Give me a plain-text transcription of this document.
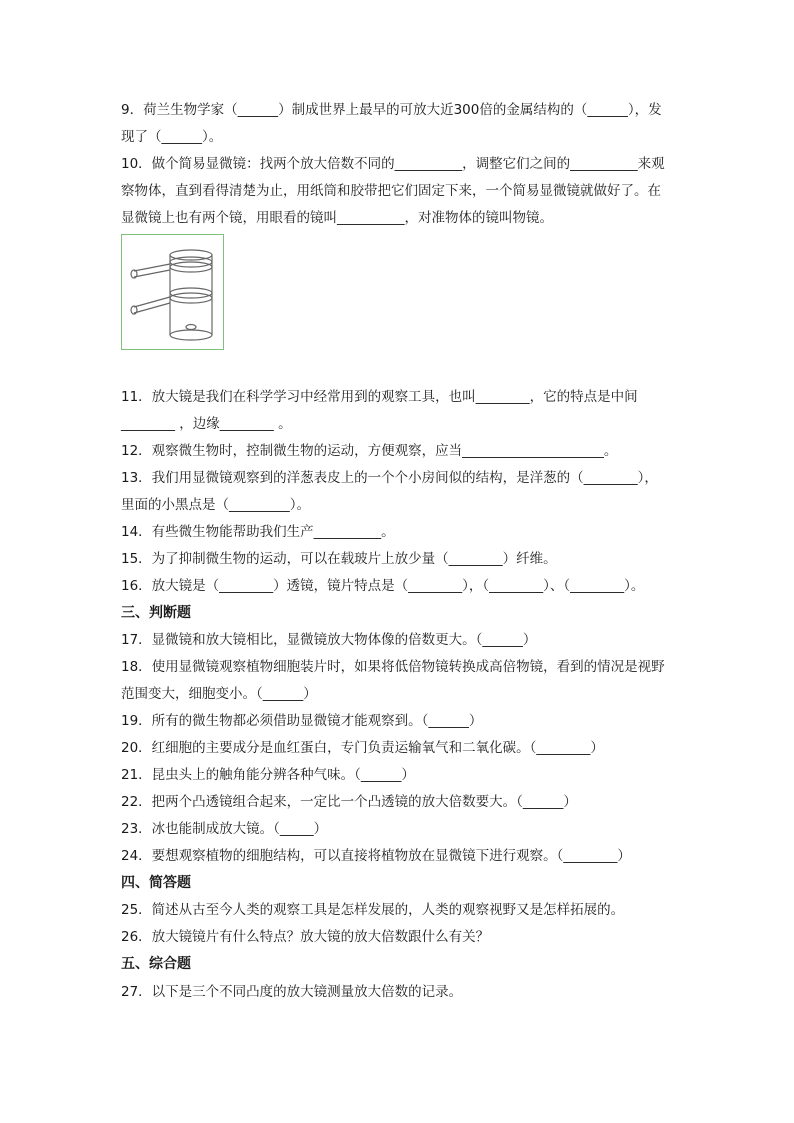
9．荷兰生物学家（______）制成世界上最早的可放大近300倍的金属结构的（______），发
现了（______）。
10．做个简易显微镜：找两个放大倍数不同的__________，调整它们之间的__________来观
察物体，直到看得清楚为止，用纸筒和胶带把它们固定下来，一个简易显微镜就做好了。在
显微镜上也有两个镜，用眼看的镜叫__________，对准物体的镜叫物镜。
11．放大镜是我们在科学学习中经常用到的观察工具，也叫________，它的特点是中间
________ ，边缘________ 。
12．观察微生物时，控制微生物的运动，方便观察，应当_____________________。
13．我们用显微镜观察到的洋葱表皮上的一个个小房间似的结构，是洋葱的（________），
里面的小黑点是（_________）。
14．有些微生物能帮助我们生产__________。
15．为了抑制微生物的运动，可以在载玻片上放少量（________）纤维。
16．放大镜是（________）透镜，镜片特点是（________），（________）、（________）。
三、判断题
17．显微镜和放大镜相比，显微镜放大物体像的倍数更大。（______）
18．使用显微镜观察植物细胞装片时，如果将低倍物镜转换成高倍物镜，看到的情况是视野
范围变大，细胞变小。（______）
19．所有的微生物都必须借助显微镜才能观察到。（______）
20．红细胞的主要成分是血红蛋白，专门负责运输氧气和二氧化碳。（________）
21．昆虫头上的触角能分辨各种气味。（______）
22．把两个凸透镜组合起来，一定比一个凸透镜的放大倍数要大。（______）
23．冰也能制成放大镜。（_____）
24．要想观察植物的细胞结构，可以直接将植物放在显微镜下进行观察。（________）
四、简答题
25．简述从古至今人类的观察工具是怎样发展的，人类的观察视野又是怎样拓展的。
26．放大镜镜片有什么特点？放大镜的放大倍数跟什么有关？
五、综合题
27．以下是三个不同凸度的放大镜测量放大倍数的记录。
